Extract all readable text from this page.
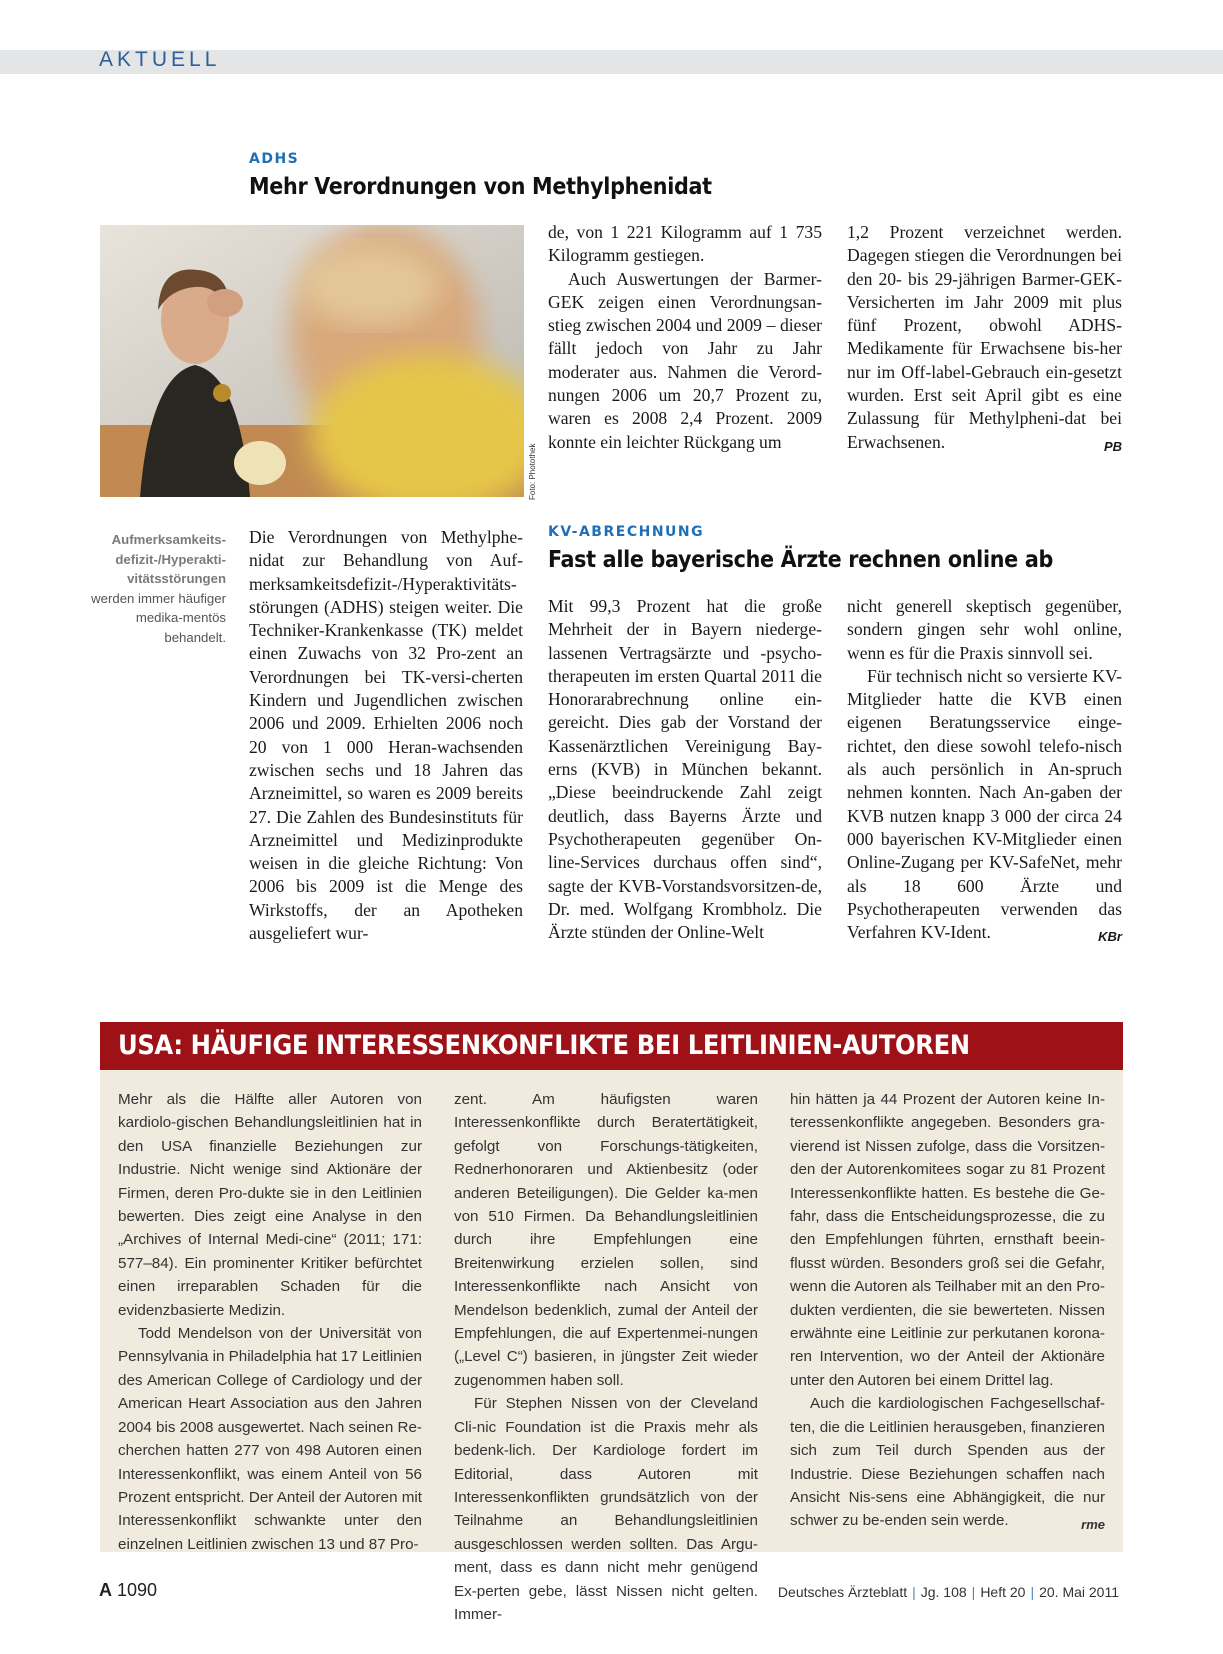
AKTUELL
ADHS
Mehr Verordnungen von Methylphenidat
Foto: Photothek
Aufmerksamkeits-defizit-/Hyperakti-vitätsstörungen werden immer häufiger medika-mentös behandelt.

Die Verordnungen von Methylphe-nidat zur Behandlung von Auf-merksamkeitsdefizit-/Hyperaktivitäts-störungen (ADHS) steigen weiter. Die Techniker-Krankenkasse (TK) meldet einen Zuwachs von 32 Pro-zent an Verordnungen bei TK-versi-cherten Kindern und Jugendlichen zwischen 2006 und 2009. Erhielten 2006 noch 20 von 1 000 Heran-wachsenden zwischen sechs und 18 Jahren das Arzneimittel, so waren es 2009 bereits 27. Die Zahlen des Bundesinstituts für Arzneimittel und Medizinprodukte weisen in die gleiche Richtung: Von 2006 bis 2009 ist die Menge des Wirkstoffs, der an Apotheken ausgeliefert wur-

de, von 1 221 Kilogramm auf 1 735 Kilogramm gestiegen.

Auch Auswertungen der Barmer-GEK zeigen einen Verordnungsan-stieg zwischen 2004 und 2009 – dieser fällt jedoch von Jahr zu Jahr moderater aus. Nahmen die Verord-nungen 2006 um 20,7 Prozent zu, waren es 2008 2,4 Prozent. 2009 konnte ein leichter Rückgang um

1,2 Prozent verzeichnet werden. Dagegen stiegen die Verordnungen bei den 20- bis 29-jährigen Barmer-GEK-Versicherten im Jahr 2009 mit plus fünf Prozent, obwohl ADHS-Medikamente für Erwachsene bis-her nur im Off-label-Gebrauch ein-gesetzt wurden. Erst seit April gibt es eine Zulassung für Methylpheni-dat bei Erwachsenen.	PB

KV-ABRECHNUNG
Fast alle bayerische Ärzte rechnen online ab

Mit 99,3 Prozent hat die große Mehrheit der in Bayern niederge-lassenen Vertragsärzte und -psycho-therapeuten im ersten Quartal 2011 die Honorarabrechnung online ein-gereicht. Dies gab der Vorstand der Kassenärztlichen Vereinigung Bay-erns (KVB) in München bekannt. „Diese beeindruckende Zahl zeigt deutlich, dass Bayerns Ärzte und Psychotherapeuten gegenüber On-line-Services durchaus offen sind“, sagte der KVB-Vorstandsvorsitzen-de, Dr. med. Wolfgang Krombholz. Die Ärzte stünden der Online-Welt

nicht generell skeptisch gegenüber, sondern gingen sehr wohl online, wenn es für die Praxis sinnvoll sei.

Für technisch nicht so versierte KV-Mitglieder hatte die KVB einen eigenen Beratungsservice einge-richtet, den diese sowohl telefo-nisch als auch persönlich in An-spruch nehmen konnten. Nach An-gaben der KVB nutzen knapp 3 000 der circa 24 000 bayerischen KV-Mitglieder einen Online-Zugang per KV-SafeNet, mehr als 18 600 Ärzte und Psychotherapeuten verwenden das Verfahren KV-Ident.	KBr

USA: HÄUFIGE INTERESSENKONFLIKTE BEI LEITLINIEN-AUTOREN

Mehr als die Hälfte aller Autoren von kardiolo-gischen Behandlungsleitlinien hat in den USA finanzielle Beziehungen zur Industrie. Nicht wenige sind Aktionäre der Firmen, deren Pro-dukte sie in den Leitlinien bewerten. Dies zeigt eine Analyse in den „Archives of Internal Medi-cine“ (2011; 171: 577–84). Ein prominenter Kritiker befürchtet einen irreparablen Schaden für die evidenzbasierte Medizin.

Todd Mendelson von der Universität von Pennsylvania in Philadelphia hat 17 Leitlinien des American College of Cardiology und der American Heart Association aus den Jahren 2004 bis 2008 ausgewertet. Nach seinen Re-cherchen hatten 277 von 498 Autoren einen Interessenkonflikt, was einem Anteil von 56 Prozent entspricht. Der Anteil der Autoren mit Interessenkonflikt schwankte unter den einzelnen Leitlinien zwischen 13 und 87 Pro-

zent. Am häufigsten waren Interessenkonflikte durch Beratertätigkeit, gefolgt von Forschungs-tätigkeiten, Rednerhonoraren und Aktienbesitz (oder anderen Beteiligungen). Die Gelder ka-men von 510 Firmen. Da Behandlungsleitlinien durch ihre Empfehlungen eine Breitenwirkung erzielen sollen, sind Interessenkonflikte nach Ansicht von Mendelson bedenklich, zumal der Anteil der Empfehlungen, die auf Expertenmei-nungen („Level C“) basieren, in jüngster Zeit wieder zugenommen haben soll.

Für Stephen Nissen von der Cleveland Cli-nic Foundation ist die Praxis mehr als bedenk-lich. Der Kardiologe fordert im Editorial, dass Autoren mit Interessenkonflikten grundsätzlich von der Teilnahme an Behandlungsleitlinien ausgeschlossen werden sollten. Das Argu-ment, dass es dann nicht mehr genügend Ex-perten gebe, lässt Nissen nicht gelten. Immer-

hin hätten ja 44 Prozent der Autoren keine In-teressenkonflikte angegeben. Besonders gra-vierend ist Nissen zufolge, dass die Vorsitzen-den der Autorenkomitees sogar zu 81 Prozent Interessenkonflikte hatten. Es bestehe die Ge-fahr, dass die Entscheidungsprozesse, die zu den Empfehlungen führten, ernsthaft beein-flusst würden. Besonders groß sei die Gefahr, wenn die Autoren als Teilhaber mit an den Pro-dukten verdienten, die sie bewerteten. Nissen erwähnte eine Leitlinie zur perkutanen korona-ren Intervention, wo der Anteil der Aktionäre unter den Autoren bei einem Drittel lag.

Auch die kardiologischen Fachgesellschaf-ten, die die Leitlinien herausgeben, finanzieren sich zum Teil durch Spenden aus der Industrie. Diese Beziehungen schaffen nach Ansicht Nis-sens eine Abhängigkeit, die nur schwer zu be-enden sein werde.	rme

A 1090	Deutsches Ärzteblatt | Jg. 108 | Heft 20 | 20. Mai 2011
